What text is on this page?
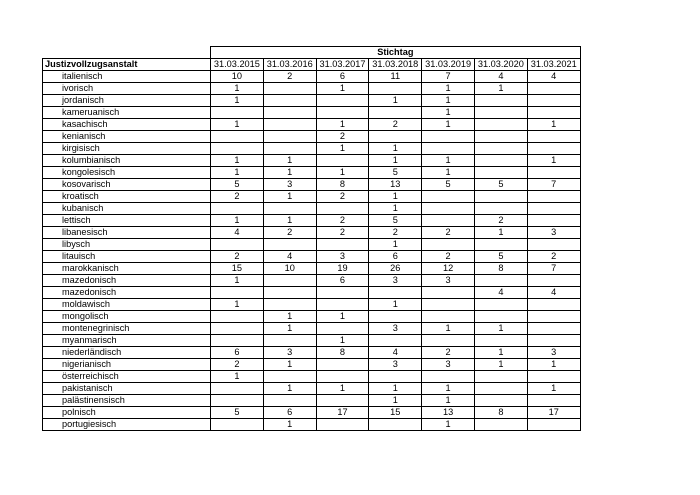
	Stichtag						
Justizvollzugsanstalt	31.03.2015	31.03.2016	31.03.2017	31.03.2018	31.03.2019	31.03.2020	31.03.2021
italienisch	10	2	6	11	7	4	4
ivorisch	1		1		1	1	
jordanisch	1			1	1		
kameruanisch					1		
kasachisch	1		1	2	1		1
kenianisch			2				
kirgisisch			1	1			
kolumbianisch	1	1		1	1		1
kongolesisch	1	1	1	5	1		
kosovarisch	5	3	8	13	5	5	7
kroatisch	2	1	2	1			
kubanisch				1			
lettisch	1	1	2	5		2	
libanesisch	4	2	2	2	2	1	3
libysch				1			
litauisch	2	4	3	6	2	5	2
marokkanisch	15	10	19	26	12	8	7
mazedonisch	1		6	3	3		
mazedonisch						4	4
moldawisch	1			1			
mongolisch		1	1				
montenegrinisch		1		3	1	1	
myanmarisch			1				
niederländisch	6	3	8	4	2	1	3
nigerianisch	2	1		3	3	1	1
österreichisch	1						
pakistanisch		1	1	1	1		1
palästinensisch				1	1		
polnisch	5	6	17	15	13	8	17
portugiesisch		1			1		
